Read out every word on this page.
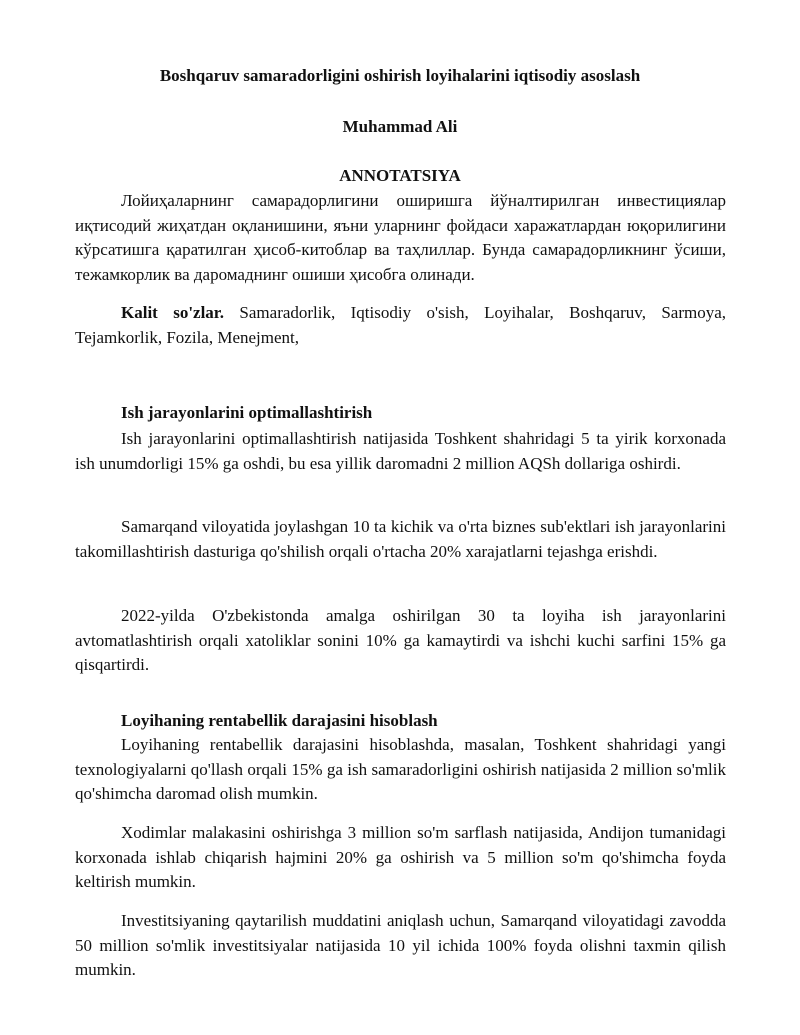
Boshqaruv samaradorligini oshirish loyihalarini iqtisodiy asoslash
Muhammad Ali
ANNOTATSIYA

Лойиҳаларнинг самарадорлигини оширишга йўналтирилган инвестициялар иқтисодий жиҳатдан оқланишини, яъни уларнинг фойдаси харажатлардан юқорилигини кўрсатишга қаратилган ҳисоб-китоблар ва таҳлиллар. Бунда самарадорликнинг ўсиши, тежамкорлик ва даромаднинг ошиши ҳисобга олинади.

Kalit so'zlar. Samaradorlik , Iqtisodiy o'sish , Loyihalar , Boshqaruv , Sarmoya, Tejamkorlik , Fozila , Menejment,

Ish jarayonlarini optimallashtirish

Ish jarayonlarini optimallashtirish natijasida Toshkent shahridagi 5 ta yirik korxonada ish unumdorligi 15% ga oshdi, bu esa yillik daromadni 2 million AQSh dollariga oshirdi.

Samarqand viloyatida joylashgan 10 ta kichik va o'rta biznes sub'ektlari ish jarayonlarini takomillashtirish dasturiga qo'shilish orqali o'rtacha 20% xarajatlarni tejashga erishdi.

2022-yilda O'zbekistonda amalga oshirilgan 30 ta loyiha ish jarayonlarini avtomatlashtirish orqali xatoliklar sonini 10% ga kamaytirdi va ishchi kuchi sarfini 15% ga qisqartirdi.

Loyihaning rentabellik darajasini hisoblash

Loyihaning rentabellik darajasini hisoblashda, masalan, Toshkent shahridagi yangi texnologiyalarni qo'llash orqali 15% ga ish samaradorligini oshirish natijasida 2 million so'mlik qo'shimcha daromad olish mumkin.

Xodimlar malakasini oshirishga 3 million so'm sarflash natijasida, Andijon tumanidagi korxonada ishlab chiqarish hajmini 20% ga oshirish va 5 million so'm qo'shimcha foyda keltirish mumkin.

Investitsiyaning qaytarilish muddatini aniqlash uchun, Samarqand viloyatidagi zavodda 50 million so'mlik investitsiyalar natijasida 10 yil ichida 100% foyda olishni taxmin qilish mumkin.
